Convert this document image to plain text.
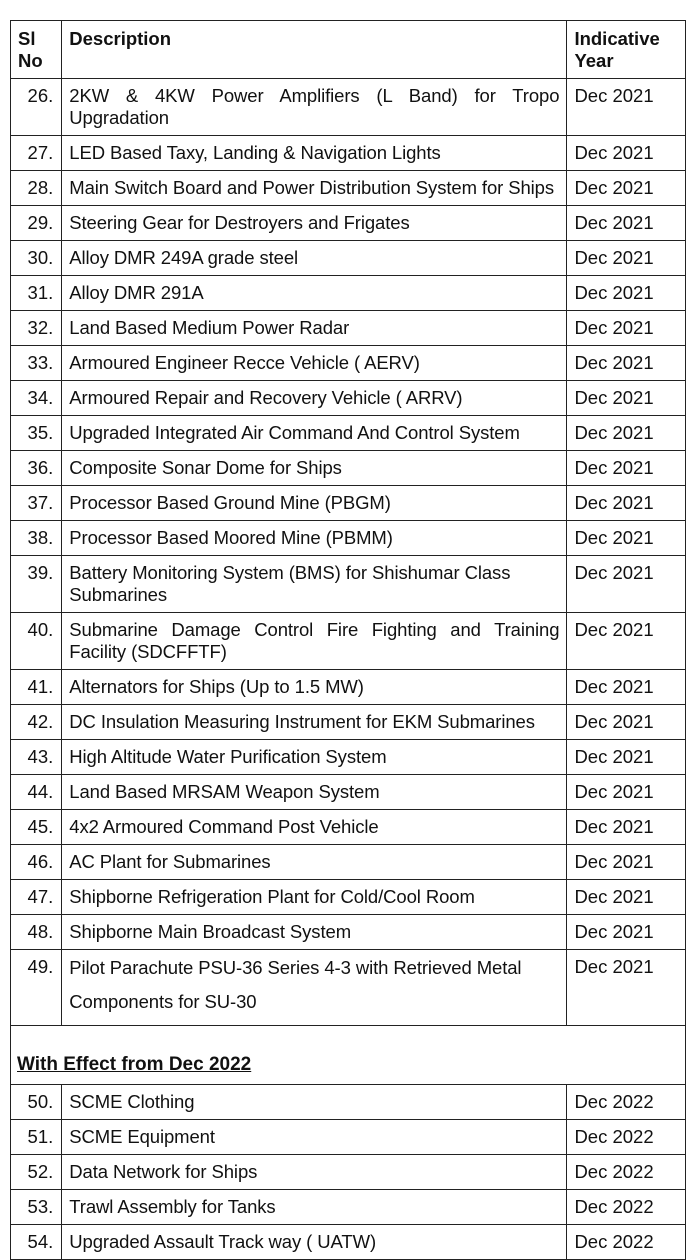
Sl No	Description	Indicative Year
26.	2KW & 4KW Power Amplifiers (L Band) for Tropo Upgradation	Dec 2021
27.	LED Based Taxy, Landing & Navigation Lights	Dec 2021
28.	Main Switch Board and Power Distribution System for Ships	Dec 2021
29.	Steering Gear for Destroyers and Frigates	Dec 2021
30.	Alloy DMR 249A grade steel	Dec 2021
31.	Alloy DMR 291A	Dec 2021
32.	Land Based Medium Power Radar	Dec 2021
33.	Armoured Engineer Recce Vehicle ( AERV)	Dec 2021
34.	Armoured Repair and Recovery Vehicle ( ARRV)	Dec 2021
35.	Upgraded Integrated Air Command And Control System	Dec 2021
36.	Composite Sonar Dome for Ships	Dec 2021
37.	Processor Based Ground Mine (PBGM)	Dec 2021
38.	Processor Based Moored Mine (PBMM)	Dec 2021
39.	Battery Monitoring System (BMS) for Shishumar Class Submarines	Dec 2021
40.	Submarine Damage Control Fire Fighting and Training Facility (SDCFFTF)	Dec 2021
41.	Alternators for Ships (Up to 1.5 MW)	Dec 2021
42.	DC Insulation Measuring Instrument for EKM Submarines	Dec 2021
43.	High Altitude Water Purification System	Dec 2021
44.	Land Based MRSAM Weapon System	Dec 2021
45.	4x2 Armoured Command Post Vehicle	Dec 2021
46.	AC Plant for Submarines	Dec 2021
47.	Shipborne Refrigeration Plant for Cold/Cool Room	Dec 2021
48.	Shipborne Main Broadcast System	Dec 2021
49.	Pilot Parachute PSU-36 Series 4-3 with Retrieved Metal Components for SU-30	Dec 2021
With Effect from Dec 2022		
50.	SCME Clothing	Dec 2022
51.	SCME Equipment	Dec 2022
52.	Data Network for Ships	Dec 2022
53.	Trawl Assembly for Tanks	Dec 2022
54.	Upgraded Assault Track way ( UATW)	Dec 2022
